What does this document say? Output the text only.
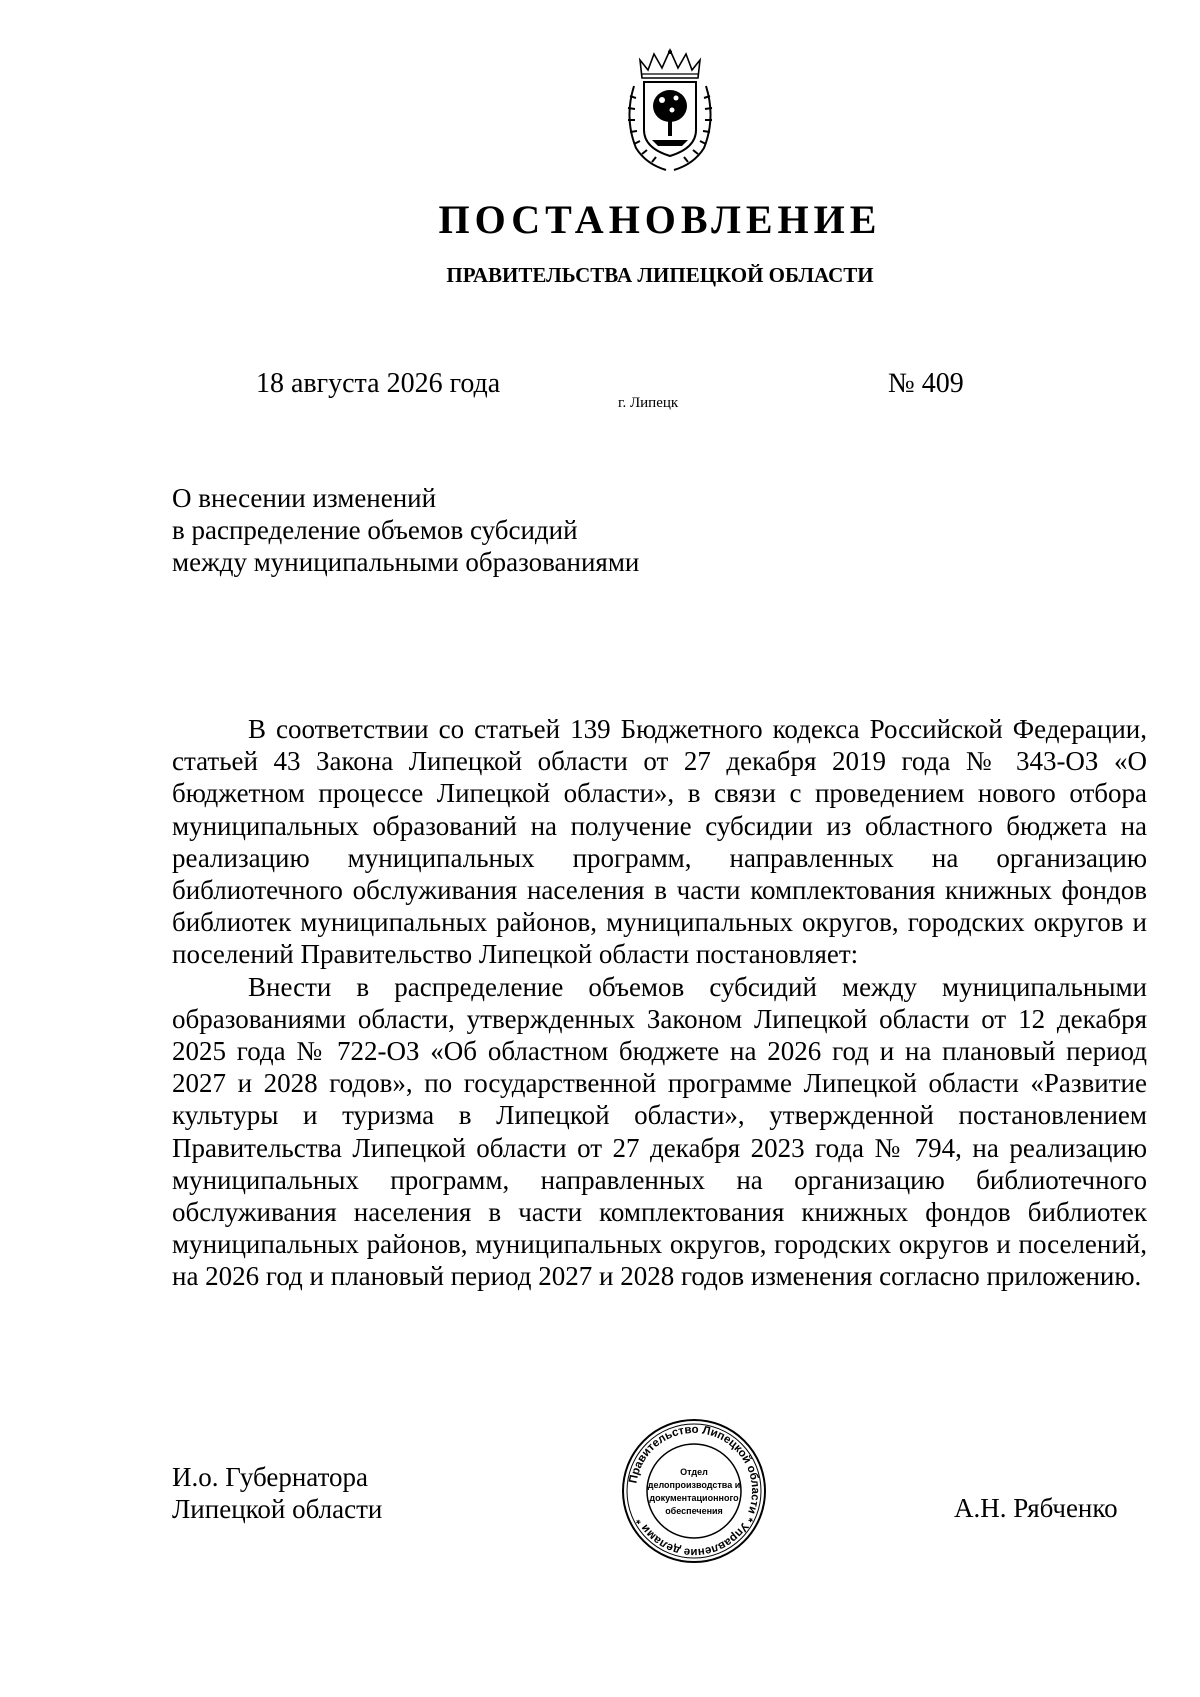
ПОСТАНОВЛЕНИЕ
ПРАВИТЕЛЬСТВА ЛИПЕЦКОЙ ОБЛАСТИ
18 августа 2026 года
г. Липецк
№ 409
О внесении изменений
в распределение объемов субсидий
между муниципальными образованиями

В соответствии со статьей 139 Бюджетного кодекса Российской Федерации, статьей 43 Закона Липецкой области от 27 декабря 2019 года № 343-ОЗ «О бюджетном процессе Липецкой области», в связи с проведением нового отбора муниципальных образований на получение субсидии из областного бюджета на реализацию муниципальных программ, направленных на организацию библиотечного обслуживания населения в части комплектования книжных фондов библиотек муниципальных районов, муниципальных округов, городских округов и поселений Правительство Липецкой области постановляет:

Внести в распределение объемов субсидий между муниципальными образованиями области, утвержденных Законом Липецкой области от 12 декабря 2025 года № 722-ОЗ «Об областном бюджете на 2026 год и на плановый период 2027 и 2028 годов», по государственной программе Липецкой области «Развитие культуры и туризма в Липецкой области», утвержденной постановлением Правительства Липецкой области от 27 декабря 2023 года № 794, на реализацию муниципальных программ, направленных на организацию библиотечного обслуживания населения в части комплектования книжных фондов библиотек муниципальных районов, муниципальных округов, городских округов и поселений, на 2026 год и плановый период 2027 и 2028 годов изменения согласно приложению.

И.о. Губернатора
Липецкой области	А.Н. Рябченко
Правительство Липецкой области * Управление делами *
Отдел
делопроизводства и
документационного
обеспечения
